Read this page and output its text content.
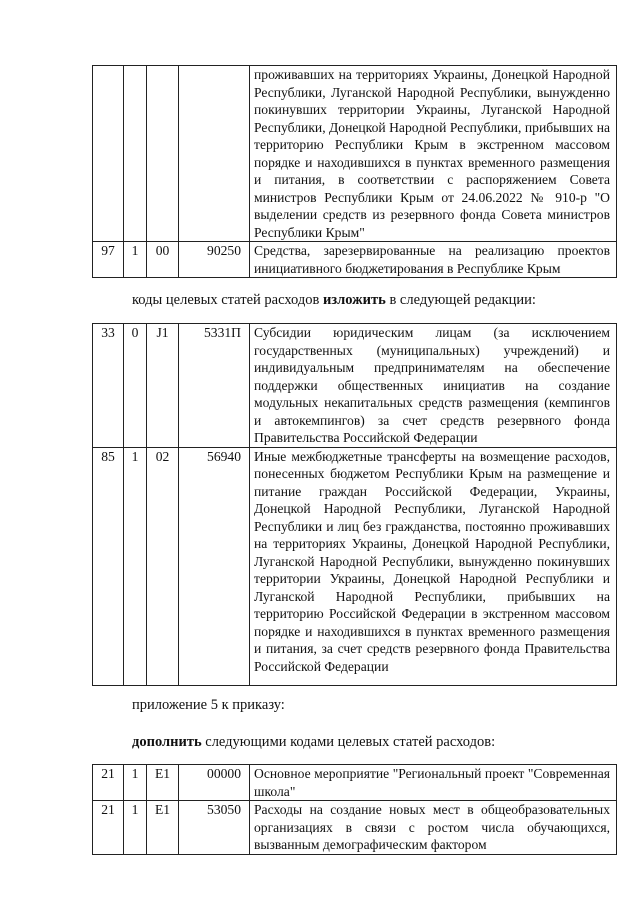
				проживавших на территориях Украины, Донецкой Народной Республики, Луганской Народной Республики, вынужденно покинувших территории Украины, Луганской Народной Республики, Донецкой Народной Республики, прибывших на территорию Республики Крым в экстренном массовом порядке и находившихся в пунктах временного размещения и питания, в соответствии с распоряжением Совета министров Республики Крым от 24.06.2022 № 910-р "О выделении средств из резервного фонда Совета министров Республики Крым"
97	1	00	90250	Средства, зарезервированные на реализацию проектов инициативного бюджетирования в Республике Крым
коды целевых статей расходов изложить в следующей редакции:
33	0	J1	5331П	Субсидии юридическим лицам (за исключением государственных (муниципальных) учреждений) и индивидуальным предпринимателям на обеспечение поддержки общественных инициатив на создание модульных некапитальных средств размещения (кемпингов и автокемпингов) за счет средств резервного фонда Правительства Российской Федерации
85	1	02	56940	Иные межбюджетные трансферты на возмещение расходов, понесенных бюджетом Республики Крым на размещение и питание граждан Российской Федерации, Украины, Донецкой Народной Республики, Луганской Народной Республики и лиц без гражданства, постоянно проживавших на территориях Украины, Донецкой Народной Республики, Луганской Народной Республики, вынужденно покинувших территории Украины, Донецкой Народной Республики и Луганской Народной Республики, прибывших на территорию Российской Федерации в экстренном массовом порядке и находившихся в пунктах временного размещения и питания, за счет средств резервного фонда Правительства Российской Федерации
приложение 5 к приказу:
дополнить следующими кодами целевых статей расходов:
21	1	E1	00000	Основное мероприятие "Региональный проект "Современная школа"
21	1	E1	53050	Расходы на создание новых мест в общеобразовательных организациях в связи с ростом числа обучающихся, вызванным демографическим фактором
